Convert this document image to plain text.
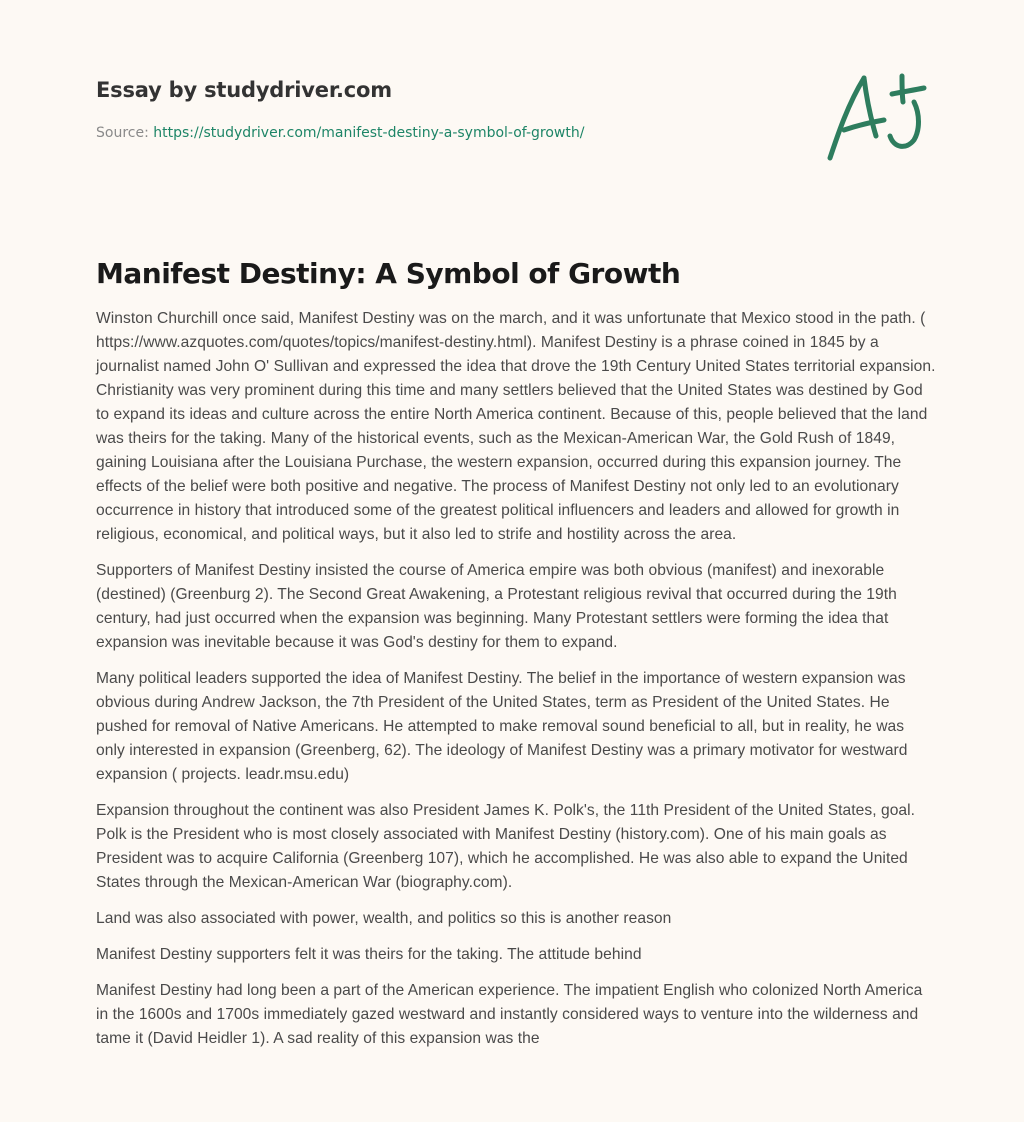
Essay by studydriver.com
Source: https://studydriver.com/manifest-destiny-a-symbol-of-growth/
Manifest Destiny: A Symbol of Growth

Winston Churchill once said, Manifest Destiny was on the march, and it was unfortunate that Mexico stood in the path. ( https://www.azquotes.com/quotes/topics/manifest-destiny.html). Manifest Destiny is a phrase coined in 1845 by a journalist named John O' Sullivan and expressed the idea that drove the 19th Century United States territorial expansion. Christianity was very prominent during this time and many settlers believed that the United States was destined by God to expand its ideas and culture across the entire North America continent. Because of this, people believed that the land was theirs for the taking. Many of the historical events, such as the Mexican-American War, the Gold Rush of 1849, gaining Louisiana after the Louisiana Purchase, the western expansion, occurred during this expansion journey. The effects of the belief were both positive and negative. The process of Manifest Destiny not only led to an evolutionary occurrence in history that introduced some of the greatest political influencers and leaders and allowed for growth in religious, economical, and political ways, but it also led to strife and hostility across the area.

Supporters of Manifest Destiny insisted the course of America empire was both obvious (manifest) and inexorable (destined) (Greenburg 2). The Second Great Awakening, a Protestant religious revival that occurred during the 19th century, had just occurred when the expansion was beginning. Many Protestant settlers were forming the idea that expansion was inevitable because it was God's destiny for them to expand.

Many political leaders supported the idea of Manifest Destiny. The belief in the importance of western expansion was obvious during Andrew Jackson, the 7th President of the United States, term as President of the United States. He pushed for removal of Native Americans. He attempted to make removal sound beneficial to all, but in reality, he was only interested in expansion (Greenberg, 62). The ideology of Manifest Destiny was a primary motivator for westward expansion ( projects. leadr.msu.edu)

Expansion throughout the continent was also President James K. Polk's, the 11th President of the United States, goal. Polk is the President who is most closely associated with Manifest Destiny (history.com). One of his main goals as President was to acquire California (Greenberg 107), which he accomplished. He was also able to expand the United States through the Mexican-American War (biography.com).

Land was also associated with power, wealth, and politics so this is another reason

Manifest Destiny supporters felt it was theirs for the taking. The attitude behind

Manifest Destiny had long been a part of the American experience. The impatient English who colonized North America in the 1600s and 1700s immediately gazed westward and instantly considered ways to venture into the wilderness and tame it (David Heidler 1). A sad reality of this expansion was the
